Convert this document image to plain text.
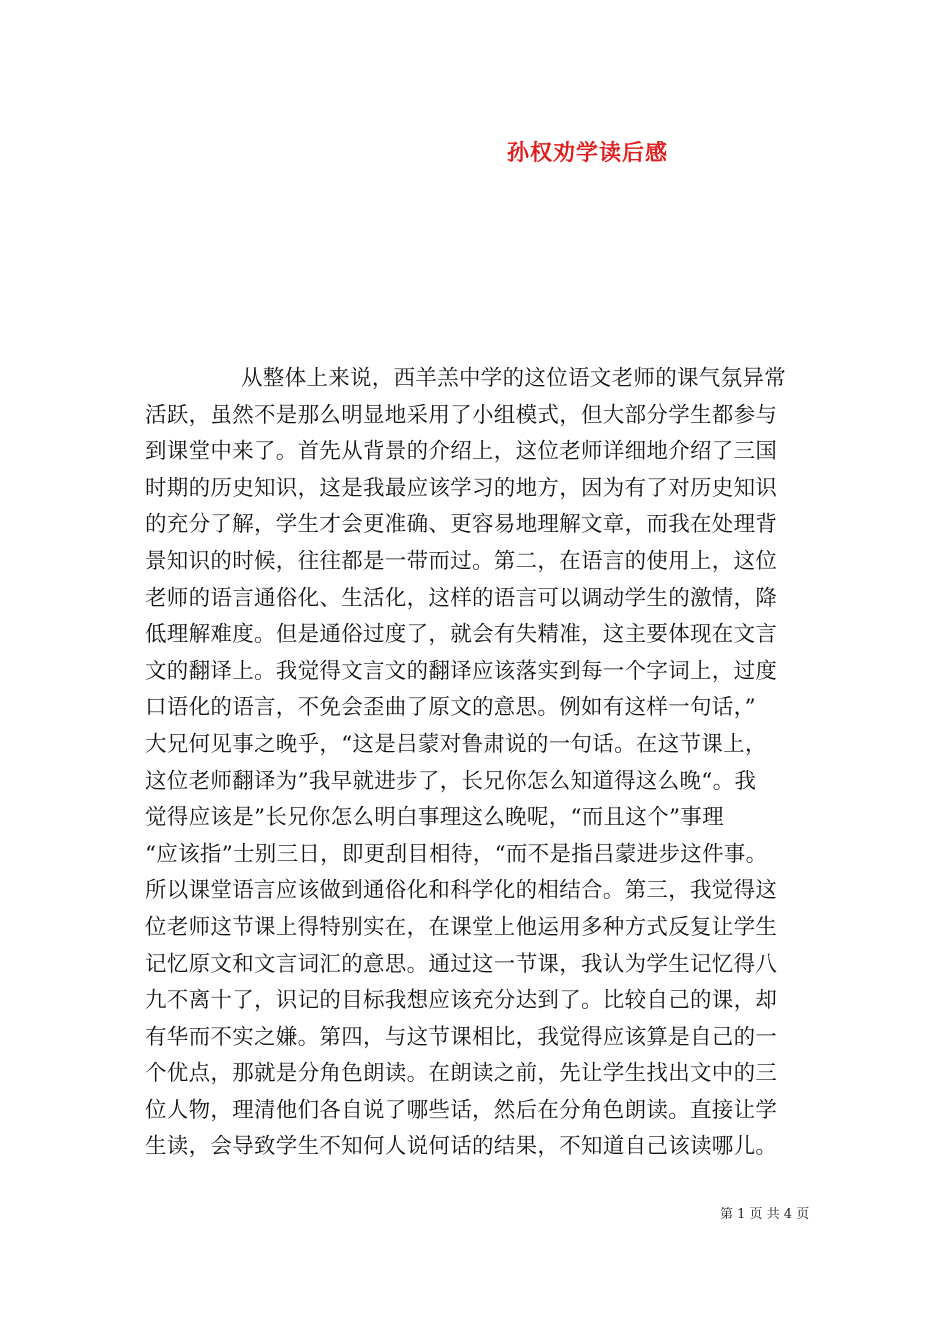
孙权劝学读后感
从整体上来说，西羊羔中学的这位语文老师的课气氛异常
活跃，虽然不是那么明显地采用了小组模式，但大部分学生都参与
到课堂中来了。首先从背景的介绍上，这位老师详细地介绍了三国
时期的历史知识，这是我最应该学习的地方，因为有了对历史知识
的充分了解，学生才会更准确、更容易地理解文章，而我在处理背
景知识的时候，往往都是一带而过。第二，在语言的使用上，这位
老师的语言通俗化、生活化，这样的语言可以调动学生的激情，降
低理解难度。但是通俗过度了，就会有失精准，这主要体现在文言
文的翻译上。我觉得文言文的翻译应该落实到每一个字词上，过度
口语化的语言，不免会歪曲了原文的意思。例如有这样一句话，”
大兄何见事之晚乎，“这是吕蒙对鲁肃说的一句话。在这节课上，
这位老师翻译为”我早就进步了，长兄你怎么知道得这么晚“。我
觉得应该是”长兄你怎么明白事理这么晚呢，“而且这个”事理
“应该指”士别三日，即更刮目相待，“而不是指吕蒙进步这件事。
所以课堂语言应该做到通俗化和科学化的相结合。第三，我觉得这
位老师这节课上得特别实在，在课堂上他运用多种方式反复让学生
记忆原文和文言词汇的意思。通过这一节课，我认为学生记忆得八
九不离十了，识记的目标我想应该充分达到了。比较自己的课，却
有华而不实之嫌。第四，与这节课相比，我觉得应该算是自己的一
个优点，那就是分角色朗读。在朗读之前，先让学生找出文中的三
位人物，理清他们各自说了哪些话，然后在分角色朗读。直接让学
生读，会导致学生不知何人说何话的结果，不知道自己该读哪儿。
第 1 页 共 4 页
